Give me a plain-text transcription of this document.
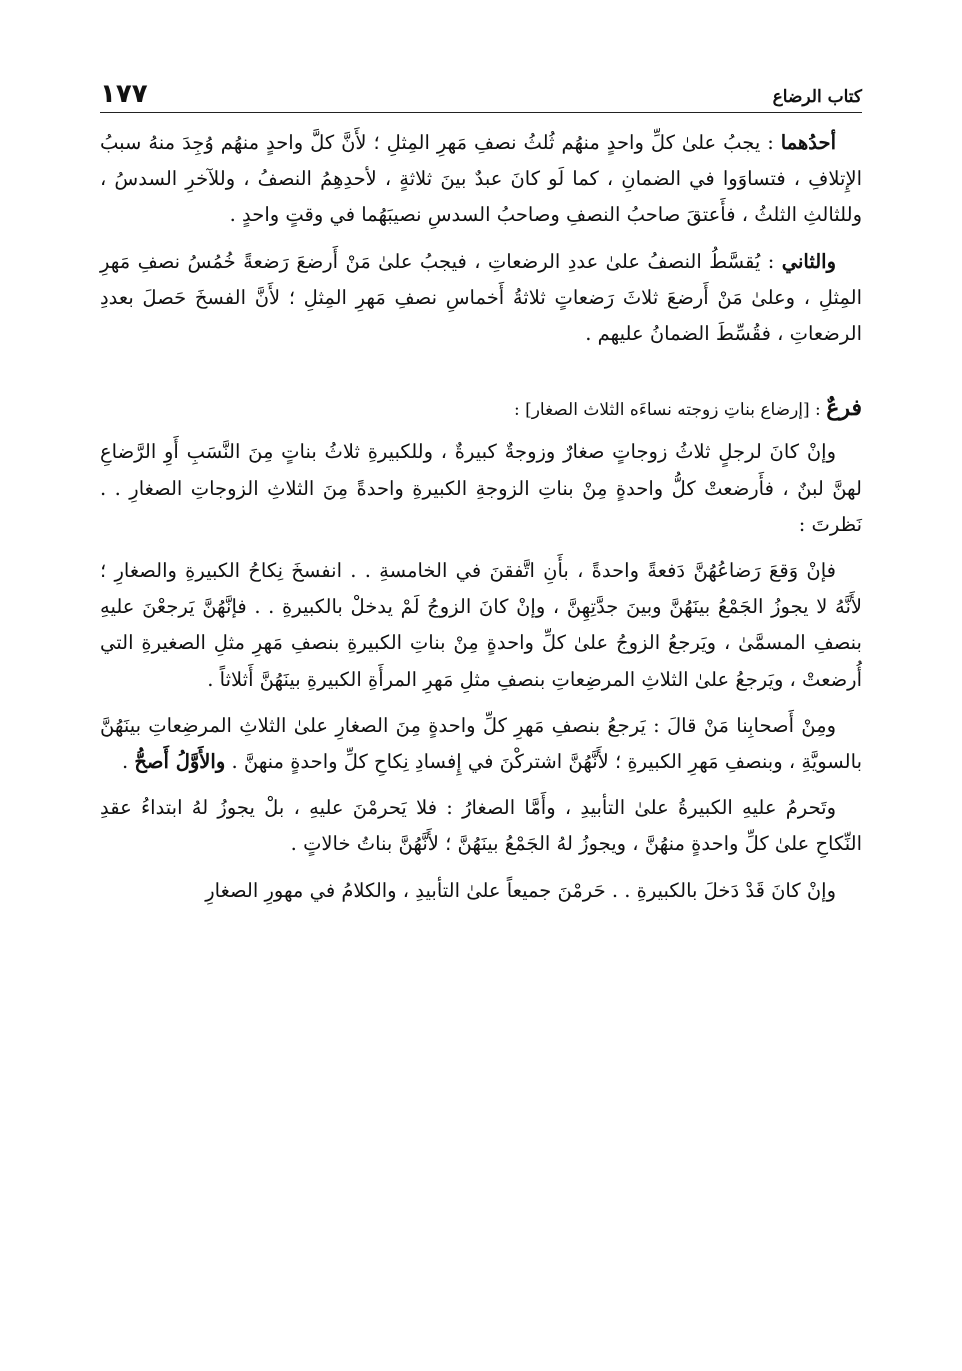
١٧٧	كتاب الرضاع

أحدُهما : يجبُ علىٰ كلِّ واحدٍ منهُم ثُلثُ نصفِ مَهرِ المِثلِ ؛ لأَنَّ كلَّ واحدٍ منهُم وُجِدَ منهُ سببُ الإِتلافِ ، فتساوَوا في الضمانِ ، كما لَو كانَ عبدٌ بينَ ثلاثةٍ ، لأحدِهِمُ النصفُ ، وللآخرِ السدسُ ، وللثالثِ الثلثُ ، فأَعتقَ صاحبُ النصفِ وصاحبُ السدسِ نصيبَهُما في وقتٍ واحدٍ .

والثاني : يُقسَّطُ النصفُ علىٰ عددِ الرضعاتِ ، فيجبُ علىٰ مَنْ أَرضعَ رَضعةً خُمُسُ نصفِ مَهرِ المِثلِ ، وعلىٰ مَنْ أَرضعَ ثلاثَ رَضعاتٍ ثلاثةُ أَخماسِ نصفِ مَهرِ المِثلِ ؛ لأَنَّ الفسخَ حَصلَ بعددِ الرضعاتِ ، فقُسِّطَ الضمانُ عليهم .

فرعٌ : [إرضاع بناتِ زوجته نساءَه الثلاث الصغار] :

وإنْ كانَ لرجلٍ ثلاثُ زوجاتٍ صغارٌ وزوجةٌ كبيرةٌ ، وللكبيرةِ ثلاثُ بناتٍ مِنَ النَّسَبِ أَوِ الرَّضاعِ لهنَّ لبنٌ ، فأَرضعتْ كلُّ واحدةٍ مِنْ بناتِ الزوجةِ الكبيرةِ واحدةً مِنَ الثلاثِ الزوجاتِ الصغارِ . . نَظرتَ :

فإنْ وَقعَ رَضاعُهُنَّ دَفعةً واحدةً ، بأَنِ اتَّفقنَ في الخامسةِ . . انفسخَ نِكاحُ الكبيرةِ والصغارِ ؛ لأَنَّهُ لا يجوزُ الجَمْعُ بينَهُنَّ وبينَ جدَّتِهِنَّ ، وإنْ كانَ الزوجُ لَمْ يدخلْ بالكبيرةِ . . فإنَّهُنَّ يَرجعْنَ عليهِ بنصفِ المسمَّىٰ ، ويَرجعُ الزوجُ علىٰ كلِّ واحدةٍ مِنْ بناتِ الكبيرةِ بنصفِ مَهرِ مثلِ الصغيرةِ التي أُرضعتْ ، ويَرجعُ علىٰ الثلاثِ المرضِعاتِ بنصفِ مثلِ مَهرِ المرأَةِ الكبيرةِ بينَهُنَّ أَثلاثاً .

ومِنْ أَصحابِنا مَنْ قالَ : يَرجعُ بنصفِ مَهرِ كلِّ واحدةٍ مِنَ الصغارِ علىٰ الثلاثِ المرضِعاتِ بينَهُنَّ بالسويَّةِ ، وبنصفِ مَهرِ الكبيرةِ ؛ لأَنَّهُنَّ اشتركْنَ في إِفسادِ نِكاحِ كلِّ واحدةٍ منهنَّ . والأَوَّلُ أَصحُّ .

وتَحرمُ عليهِ الكبيرةُ علىٰ التأبيدِ ، وأَمَّا الصغارُ : فلا يَحرمْنَ عليهِ ، بلْ يجوزُ لهُ ابتداءُ عقدِ النِّكاحِ علىٰ كلِّ واحدةٍ منهُنَّ ، ويجوزُ لهُ الجَمْعُ بينَهُنَّ ؛ لأَنَّهُنَّ بناتُ خالاتٍ .

وإنْ كانَ قَدْ دَخلَ بالكبيرةِ . . حَرمْنَ جميعاً علىٰ التأبيدِ ، والكلامُ في مهورِ الصغارِ
